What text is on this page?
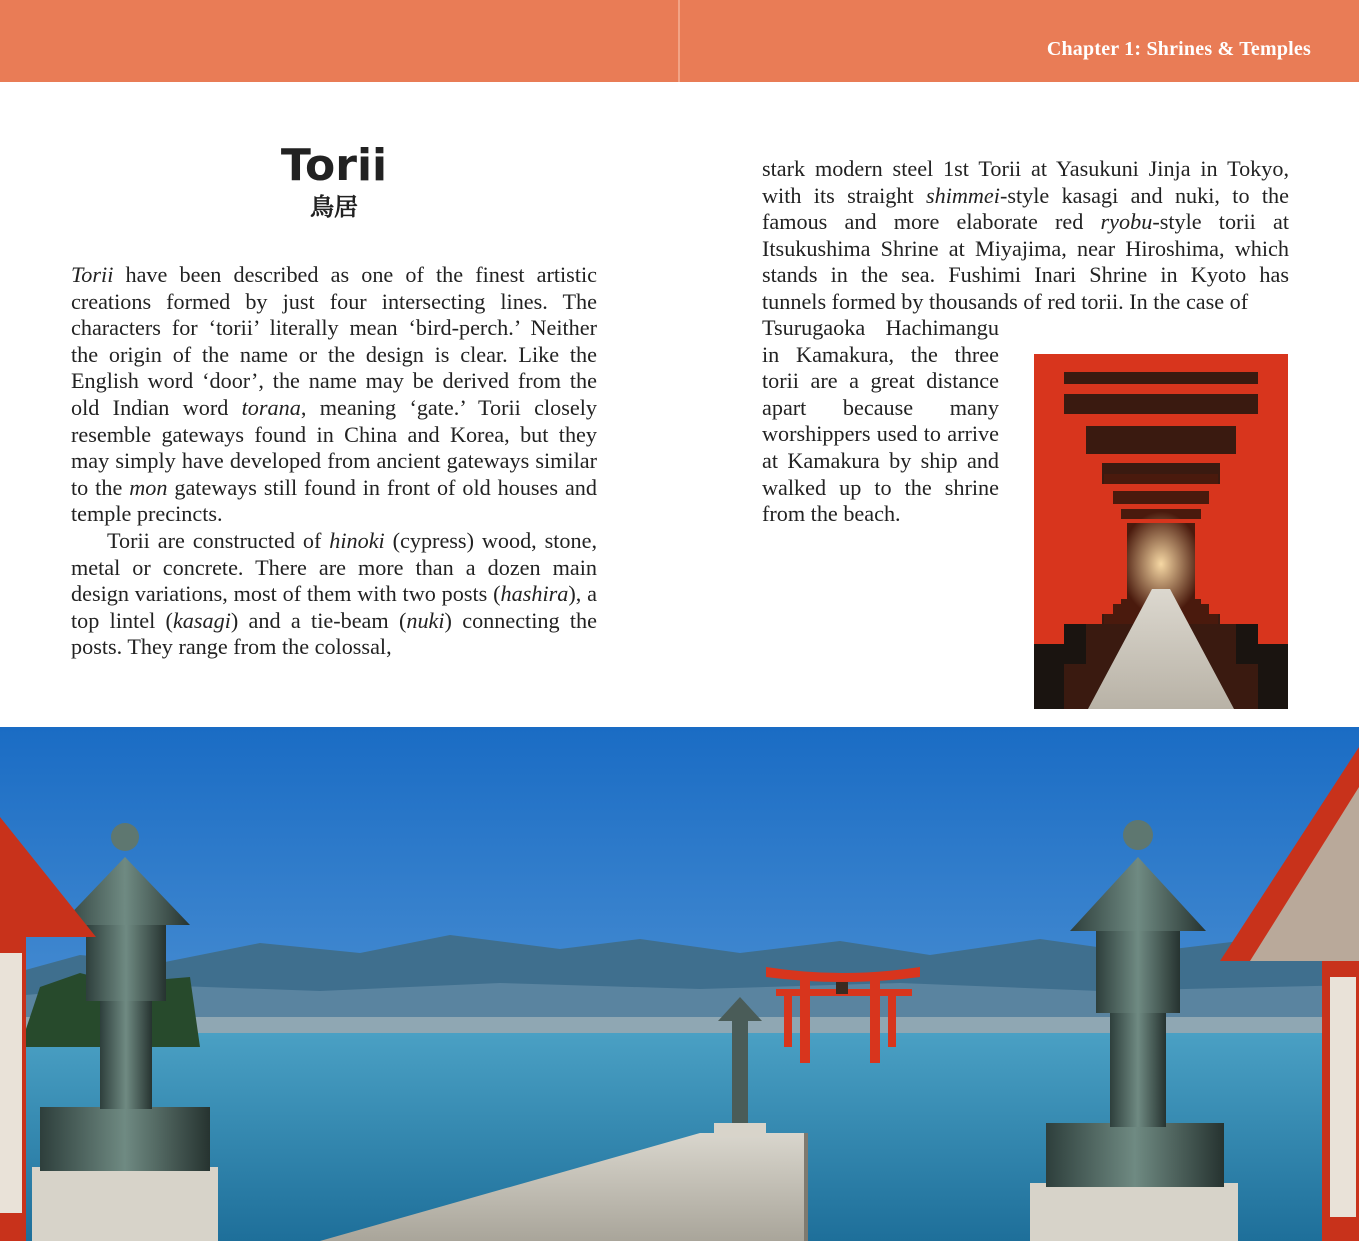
Chapter 1: Shrines & Temples
Torii
鳥居

Torii have been described as one of the finest artistic creations formed by just four intersecting lines. The characters for ‘torii’ literally mean ‘bird-perch.’ Neither the origin of the name or the design is clear. Like the English word ‘door’, the name may be derived from the old Indian word torana, meaning ‘gate.’ Torii closely resemble gateways found in China and Korea, but they may simply have developed from ancient gateways similar to the mon gateways still found in front of old houses and temple precincts.

Torii are constructed of hinoki (cypress) wood, stone, metal or concrete. There are more than a dozen main design variations, most of them with two posts (hashira), a top lintel (kasagi) and a tie-beam (nuki) connecting the posts. They range from the colossal,

stark modern steel 1st Torii at Yasukuni Jinja in Tokyo, with its straight shimmei-style kasagi and nuki, to the famous and more elaborate red ryobu-style torii at Itsukushima Shrine at Miyajima, near Hiroshima, which stands in the sea. Fushimi Inari Shrine in Kyoto has tunnels formed by thousands of red torii. In the case of

Tsurugaoka Hachimangu in Kamakura, the three torii are a great distance apart because many worshippers used to arrive at Kamakura by ship and walked up to the shrine from the beach.
